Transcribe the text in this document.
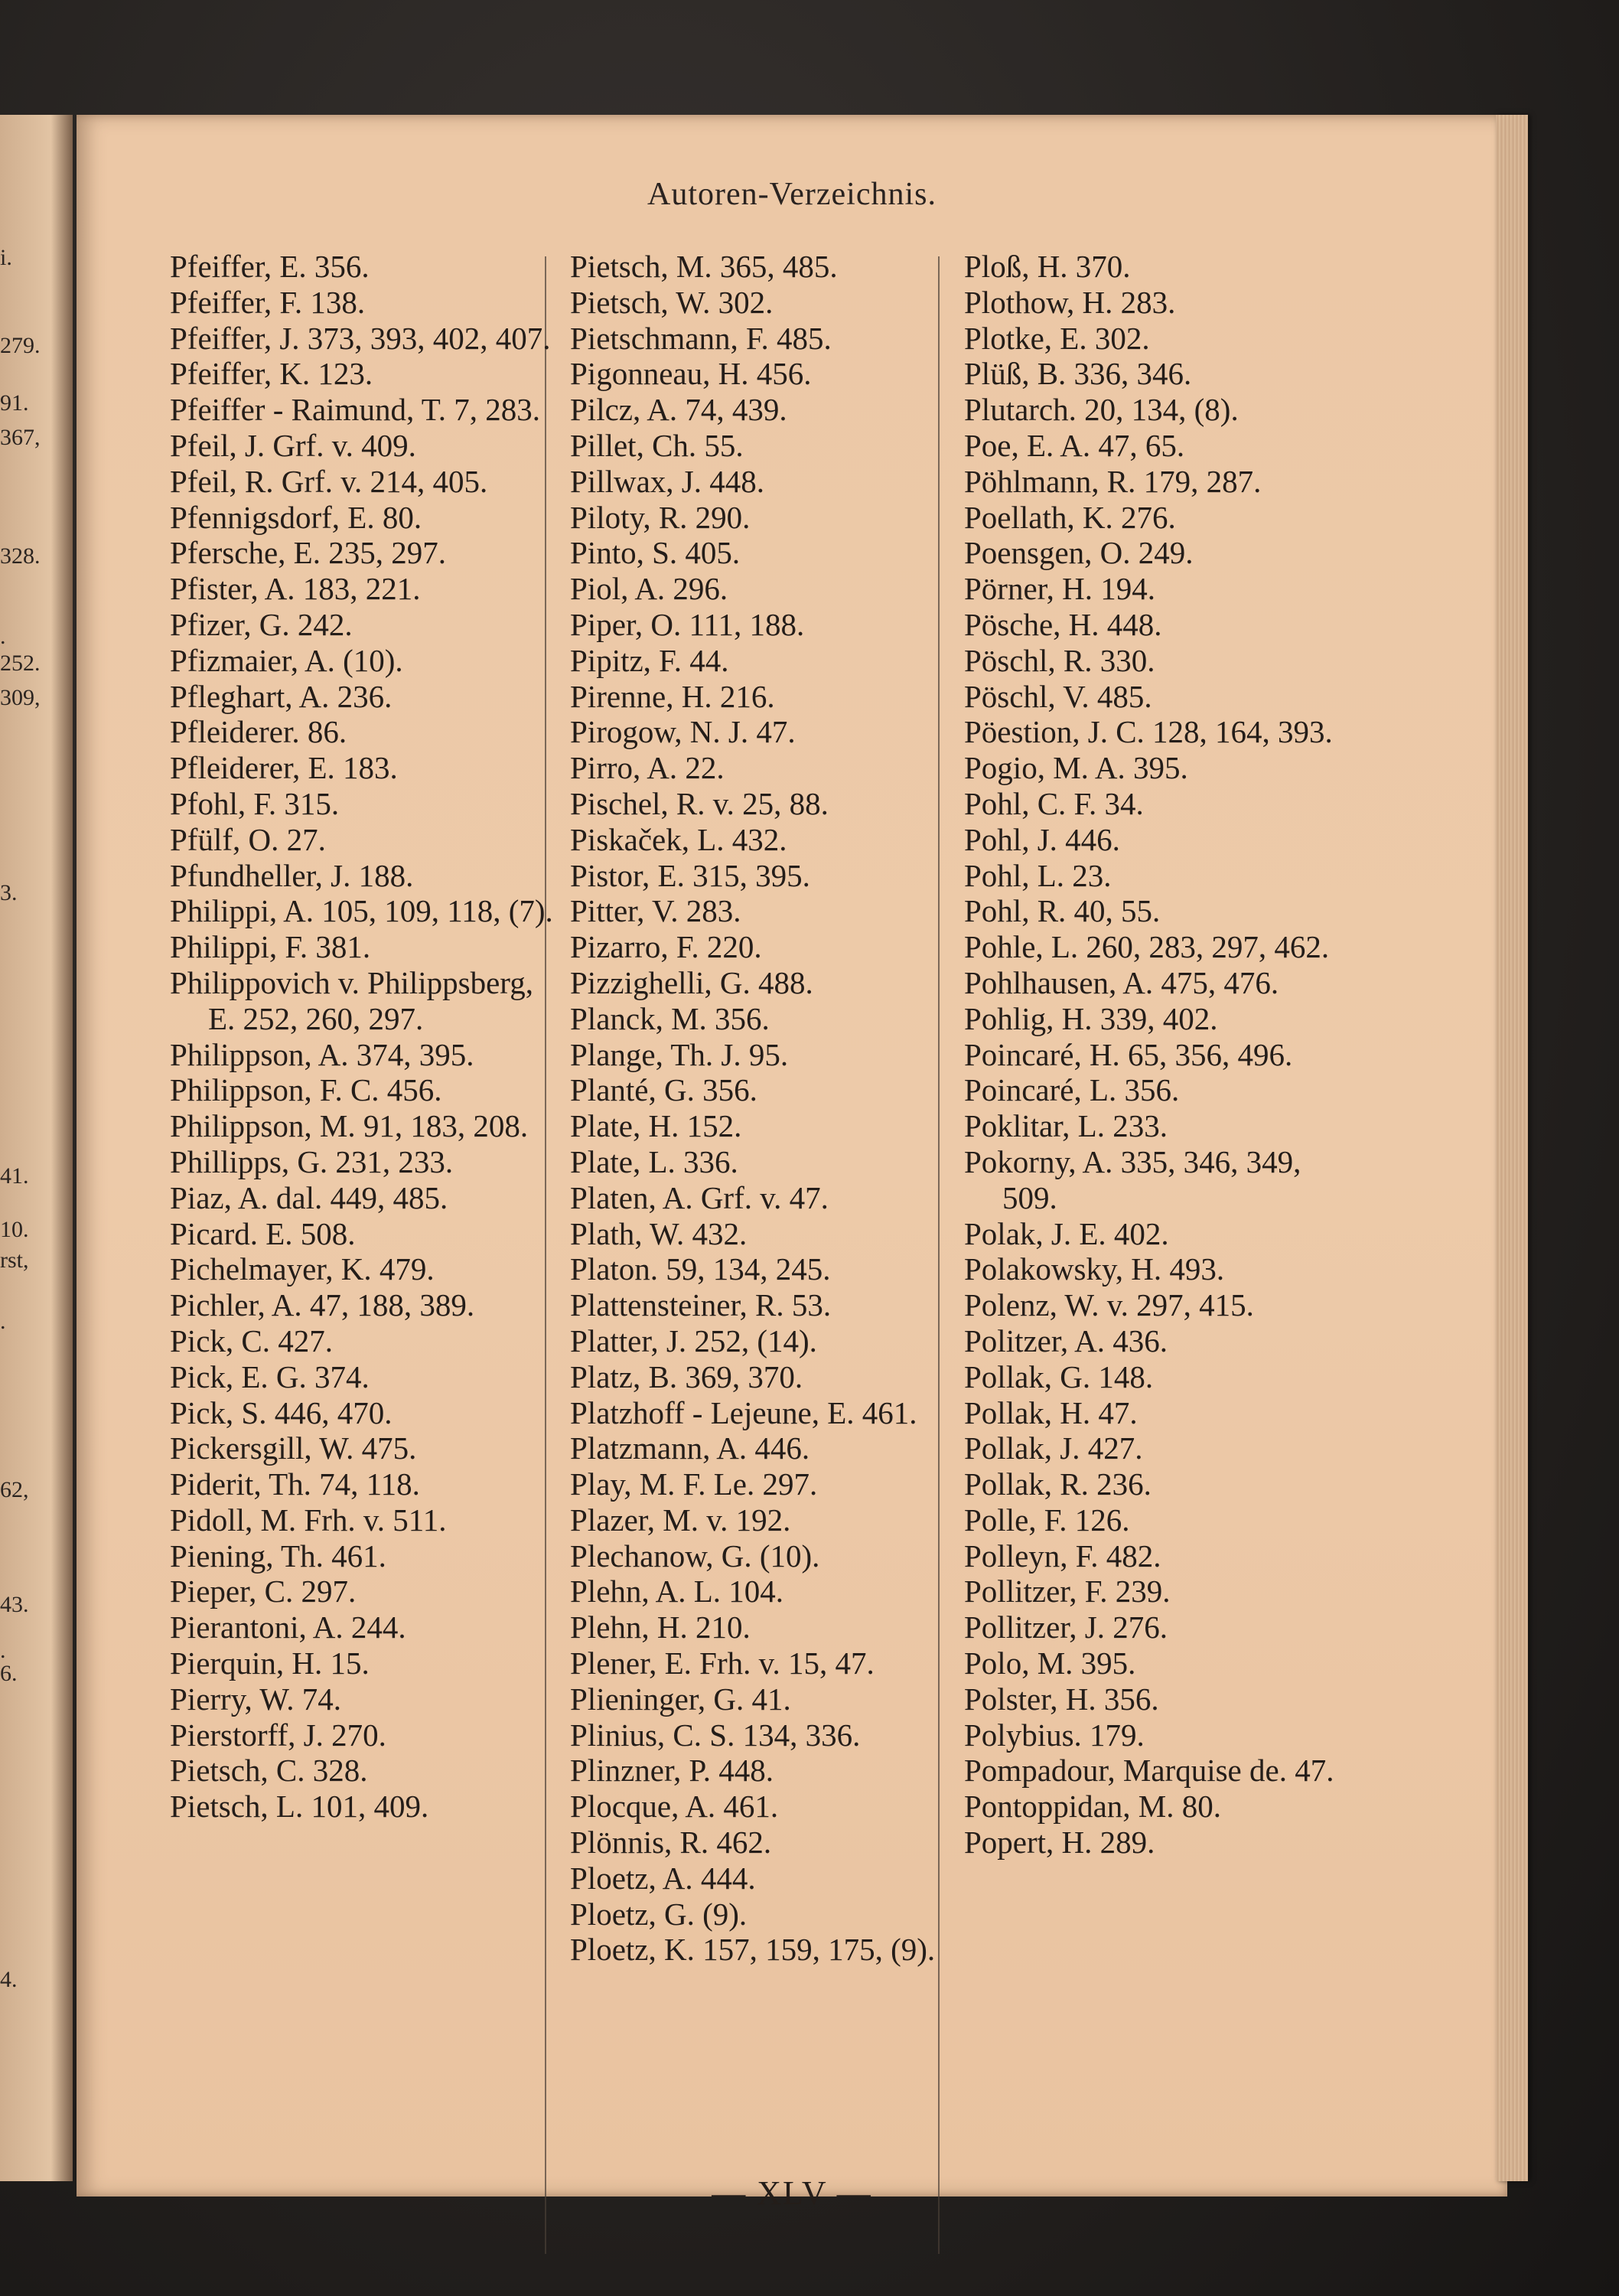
i.
279.
91.
367,
328.
.
252.
309,
3.
41.
10.
rst,
.
62,
43.
.
6.
4.
Autoren-Verzeichnis.
Pfeiffer, E. 356.
Pfeiffer, F. 138.
Pfeiffer, J. 373, 393, 402, 407.
Pfeiffer, K. 123.
Pfeiffer - Raimund, T. 7, 283.
Pfeil, J. Grf. v. 409.
Pfeil, R. Grf. v. 214, 405.
Pfennigsdorf, E. 80.
Pfersche, E. 235, 297.
Pfister, A. 183, 221.
Pfizer, G. 242.
Pfizmaier, A. (10).
Pfleghart, A. 236.
Pfleiderer. 86.
Pfleiderer, E. 183.
Pfohl, F. 315.
Pfülf, O. 27.
Pfundheller, J. 188.
Philippi, A. 105, 109, 118, (7).
Philippi, F. 381.
Philippovich v. Philippsberg, E. 252, 260, 297.
Philippson, A. 374, 395.
Philippson, F. C. 456.
Philippson, M. 91, 183, 208.
Phillipps, G. 231, 233.
Piaz, A. dal. 449, 485.
Picard. E. 508.
Pichelmayer, K. 479.
Pichler, A. 47, 188, 389.
Pick, C. 427.
Pick, E. G. 374.
Pick, S. 446, 470.
Pickersgill, W. 475.
Piderit, Th. 74, 118.
Pidoll, M. Frh. v. 511.
Piening, Th. 461.
Pieper, C. 297.
Pierantoni, A. 244.
Pierquin, H. 15.
Pierry, W. 74.
Pierstorff, J. 270.
Pietsch, C. 328.
Pietsch, L. 101, 409.
Pietsch, M. 365, 485.
Pietsch, W. 302.
Pietschmann, F. 485.
Pigonneau, H. 456.
Pilcz, A. 74, 439.
Pillet, Ch. 55.
Pillwax, J. 448.
Piloty, R. 290.
Pinto, S. 405.
Piol, A. 296.
Piper, O. 111, 188.
Pipitz, F. 44.
Pirenne, H. 216.
Pirogow, N. J. 47.
Pirro, A. 22.
Pischel, R. v. 25, 88.
Piskaček, L. 432.
Pistor, E. 315, 395.
Pitter, V. 283.
Pizarro, F. 220.
Pizzighelli, G. 488.
Planck, M. 356.
Plange, Th. J. 95.
Planté, G. 356.
Plate, H. 152.
Plate, L. 336.
Platen, A. Grf. v. 47.
Plath, W. 432.
Platon. 59, 134, 245.
Plattensteiner, R. 53.
Platter, J. 252, (14).
Platz, B. 369, 370.
Platzhoff - Lejeune, E. 461.
Platzmann, A. 446.
Play, M. F. Le. 297.
Plazer, M. v. 192.
Plechanow, G. (10).
Plehn, A. L. 104.
Plehn, H. 210.
Plener, E. Frh. v. 15, 47.
Plieninger, G. 41.
Plinius, C. S. 134, 336.
Plinzner, P. 448.
Plocque, A. 461.
Plönnis, R. 462.
Ploetz, A. 444.
Ploetz, G. (9).
Ploetz, K. 157, 159, 175, (9).
Ploß, H. 370.
Plothow, H. 283.
Plotke, E. 302.
Plüß, B. 336, 346.
Plutarch. 20, 134, (8).
Poe, E. A. 47, 65.
Pöhlmann, R. 179, 287.
Poellath, K. 276.
Poensgen, O. 249.
Pörner, H. 194.
Pösche, H. 448.
Pöschl, R. 330.
Pöschl, V. 485.
Pöestion, J. C. 128, 164, 393.
Pogio, M. A. 395.
Pohl, C. F. 34.
Pohl, J. 446.
Pohl, L. 23.
Pohl, R. 40, 55.
Pohle, L. 260, 283, 297, 462.
Pohlhausen, A. 475, 476.
Pohlig, H. 339, 402.
Poincaré, H. 65, 356, 496.
Poincaré, L. 356.
Poklitar, L. 233.
Pokorny, A. 335, 346, 349, 509.
Polak, J. E. 402.
Polakowsky, H. 493.
Polenz, W. v. 297, 415.
Politzer, A. 436.
Pollak, G. 148.
Pollak, H. 47.
Pollak, J. 427.
Pollak, R. 236.
Polle, F. 126.
Polleyn, F. 482.
Pollitzer, F. 239.
Pollitzer, J. 276.
Polo, M. 395.
Polster, H. 356.
Polybius. 179.
Pompadour, Marquise de. 47.
Pontoppidan, M. 80.
Popert, H. 289.
— XLV —
